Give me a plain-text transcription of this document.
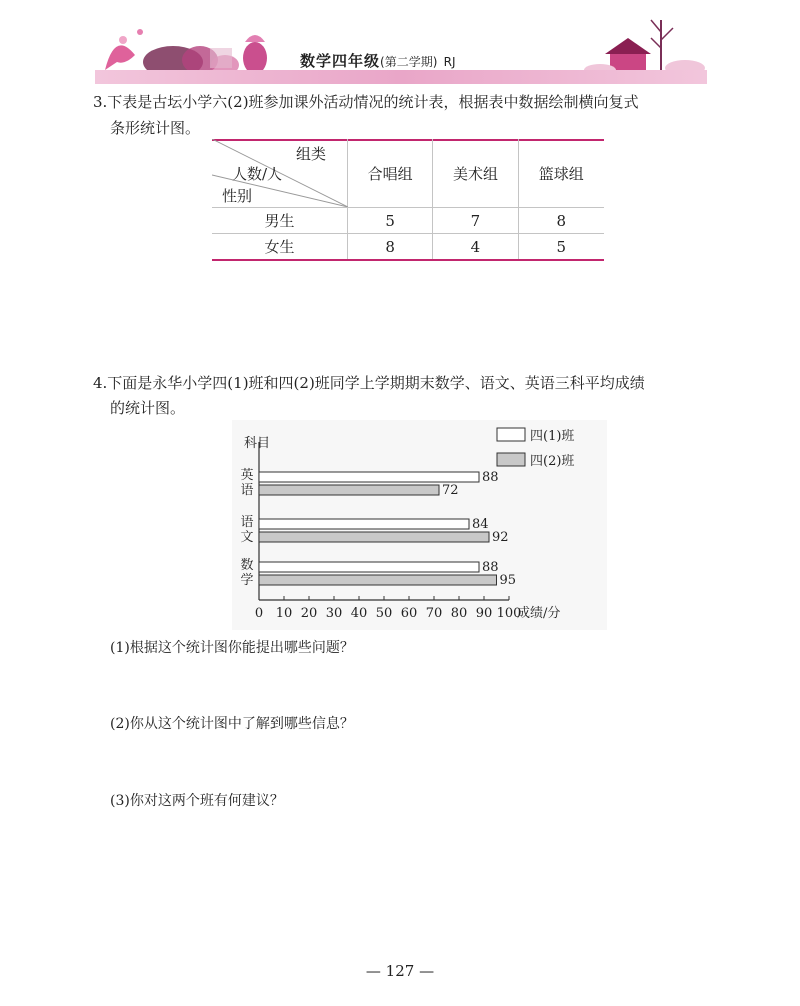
数学四年级(第二学期) RJ
3.下表是古坛小学六(2)班参加课外活动情况的统计表，根据表中数据绘制横向复式
条形统计图。
组类
人数/人
性别	合唱组	美术组	篮球组
男生	5	7	8
女生	8	4	5
4.下面是永华小学四(1)班和四(2)班同学上学期期末数学、语文、英语三科平均成绩
的统计图。
科目
0 10 20 30 40 50 60 70 80 90 100
成绩/分
英
语
88
72
语
文
84
92
数
学
88
95
四(1)班
四(2)班
(1)根据这个统计图你能提出哪些问题？
(2)你从这个统计图中了解到哪些信息？
(3)你对这两个班有何建议？
— 127 —
